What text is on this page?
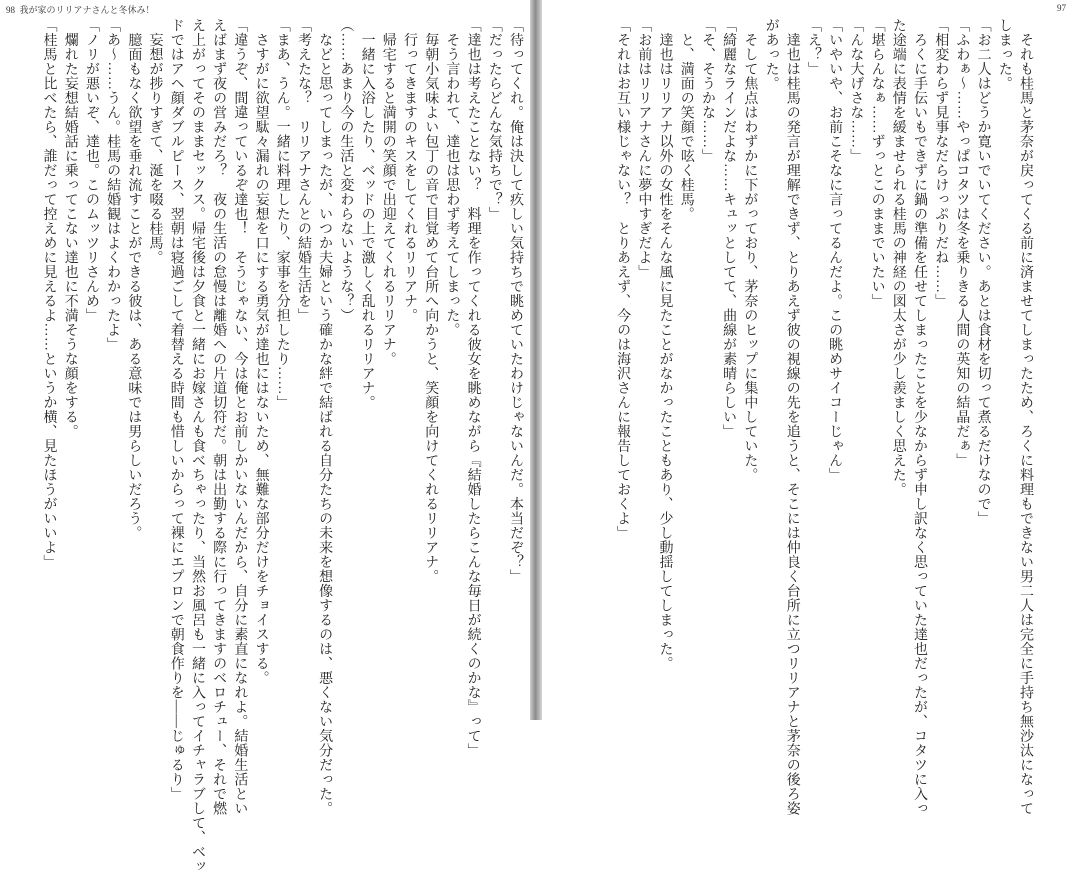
98 我が家のリリアナさんと冬休み！
「待ってくれ。俺は決して疚しい気持ちで眺めていたわけじゃないんだ。本当だぞ？」
「だったらどんな気持ちで？」
「達也は考えたことない？　料理を作ってくれる彼女を眺めながら『結婚したらこんな毎日が続くのかな』って」
　そう言われて、達也は思わず考えてしまった。
　毎朝小気味よい包丁の音で目覚めて台所へ向かうと、笑顔を向けてくれるリリアナ。
　行ってきますのキスをしてくれるリリアナ。
　帰宅すると満開の笑顔で出迎えてくれるリリアナ。
　一緒に入浴したり、ベッドの上で激しく乱れるリリアナ。
（……あまり今の生活と変わらないような？）
　などと思ってしまったが、いつか夫婦という確かな絆で結ばれる自分たちの未来を想像するのは、悪くない気分だった。
「考えたな？　リリアナさんとの結婚生活を」
「まあ、うん。一緒に料理したり、家事を分担したり……」
　さすがに欲望駄々漏れの妄想を口にする勇気が達也にはないため、無難な部分だけをチョイスする。
「違うぞ、間違っているぞ達也！　そうじゃない、今は俺とお前しかいないんだから、自分に素直になれよ。結婚生活とい
えばまず夜の営みだろ？　夜の生活の怠慢は離婚への片道切符だ。朝は出勤する際に行ってきますのベロチュー、それで燃
え上がってそのままセックス。帰宅後は夕食と一緒にお嫁さんも食べちゃったり、当然お風呂も一緒に入ってイチャラブして、ベッ
ドではアヘ顔ダブルピース、翌朝は寝過ごして着替える時間も惜しいからって裸にエプロンで朝食作りを――じゅるり」
　妄想が捗りすぎて、涎を啜る桂馬。
　臆面もなく欲望を垂れ流すことができる彼は、ある意味では男らしいだろう。
「あ～……うん。桂馬の結婚観はよくわかったよ」
「ノリが悪いぞ、達也。このムッツリさんめ」
　爛れた妄想結婚話に乗ってこない達也に不満そうな顔をする。
「桂馬と比べたら、誰だって控えめに見えるよ……というか横、見たほうがいいよ」
97
　それも桂馬と茅奈が戻ってくる前に済ませてしまったため、ろくに料理もできない男二人は完全に手持ち無沙汰になって
しまった。
「お二人はどうか寛いでいてください。あとは食材を切って煮るだけなので」
「ふわぁ～……やっぱコタツは冬を乗りきる人間の英知の結晶だぁ」
「相変わらず見事なだらけっぷりだね……」
　ろくに手伝いもできずに鍋の準備を任せてしまったことを少なからず申し訳なく思っていた達也だったが、コタツに入っ
た途端に表情を緩ませられる桂馬の神経の図太さが少し羨ましく思えた。
「堪らんなぁ……ずっとこのままでいたい」
「んな大げさな……」
「いやいや、お前こそなに言ってるんだよ。この眺めサイコーじゃん」
「え？」
　達也は桂馬の発言が理解できず、とりあえず彼の視線の先を追うと、そこには仲良く台所に立つリリアナと茅奈の後ろ姿
があった。
　そして焦点はわずかに下がっており、茅奈のヒップに集中していた。
「綺麗なラインだよな……キュッとしてて、曲線が素晴らしい」
「そ、そうかな……」
　と、満面の笑顔で呟く桂馬。
　達也はリリアナ以外の女性をそんな風に見たことがなかったこともあり、少し動揺してしまった。
「お前はリリアナさんに夢中すぎだよ」
「それはお互い様じゃない？　とりあえず、今のは海沢さんに報告しておくよ」
